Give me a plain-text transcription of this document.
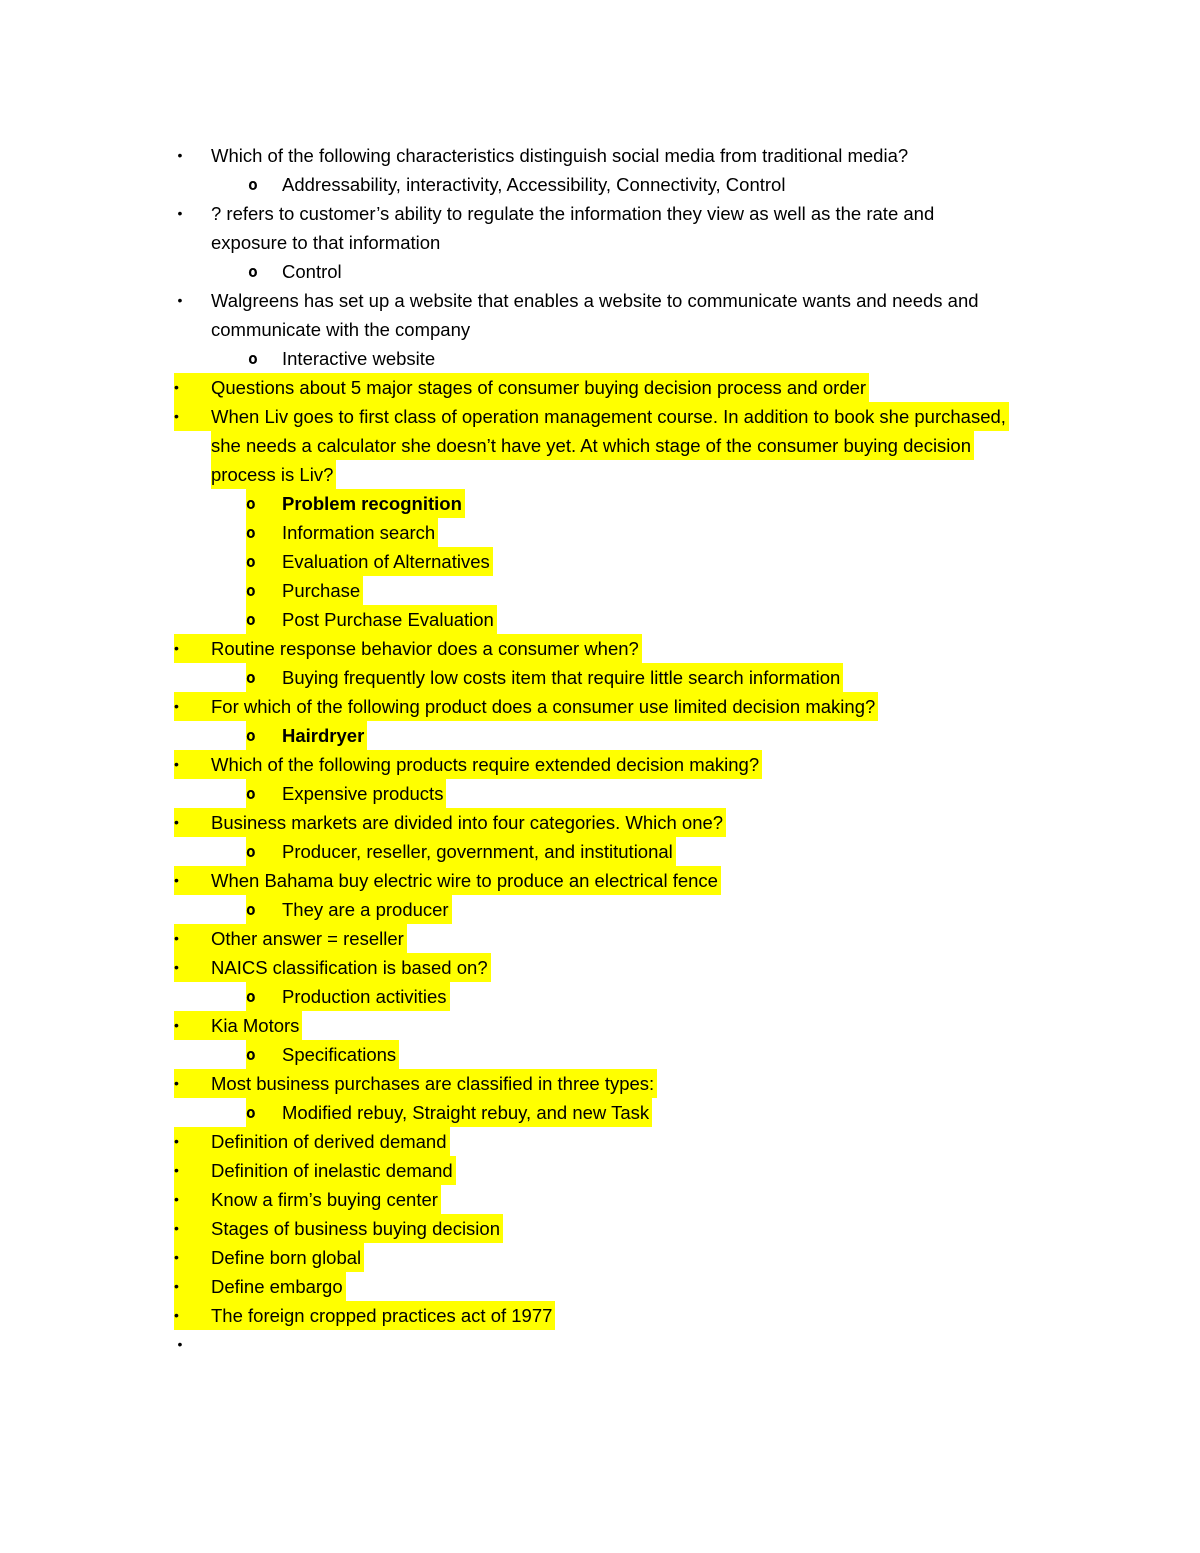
• Which of the following characteristics distinguish social media from traditional media?
o Addressability, interactivity, Accessibility, Connectivity, Control
• ? refers to customer’s ability to regulate the information they view as well as the rate and
exposure to that information
o Control
• Walgreens has set up a website that enables a website to communicate wants and needs and
communicate with the company
o Interactive website
•	Questions about 5 major stages of consumer buying decision process and order
•	When Liv goes to first class of operation management course. In addition to book she purchased,
she needs a calculator she doesn’t have yet. At which stage of the consumer buying decision
process is Liv?
o	Problem recognition
o	Information search
o	Evaluation of Alternatives
o	Purchase
o	Post Purchase Evaluation
•	Routine response behavior does a consumer when?
o	Buying frequently low costs item that require little search information
•	For which of the following product does a consumer use limited decision making?
o	Hairdryer
•	Which of the following products require extended decision making?
o	Expensive products
•	Business markets are divided into four categories. Which one?
o	Producer, reseller, government, and institutional
•	When Bahama buy electric wire to produce an electrical fence
o	They are a producer
•	Other answer = reseller
•	NAICS classification is based on?
o	Production activities
•	Kia Motors
o	Specifications
•	Most business purchases are classified in three types:
o	Modified rebuy, Straight rebuy, and new Task
•	Definition of derived demand
•	Definition of inelastic demand
•	Know a firm’s buying center
•	Stages of business buying decision
•	Define born global
•	Define embargo
•	The foreign cropped practices act of 1977
•
